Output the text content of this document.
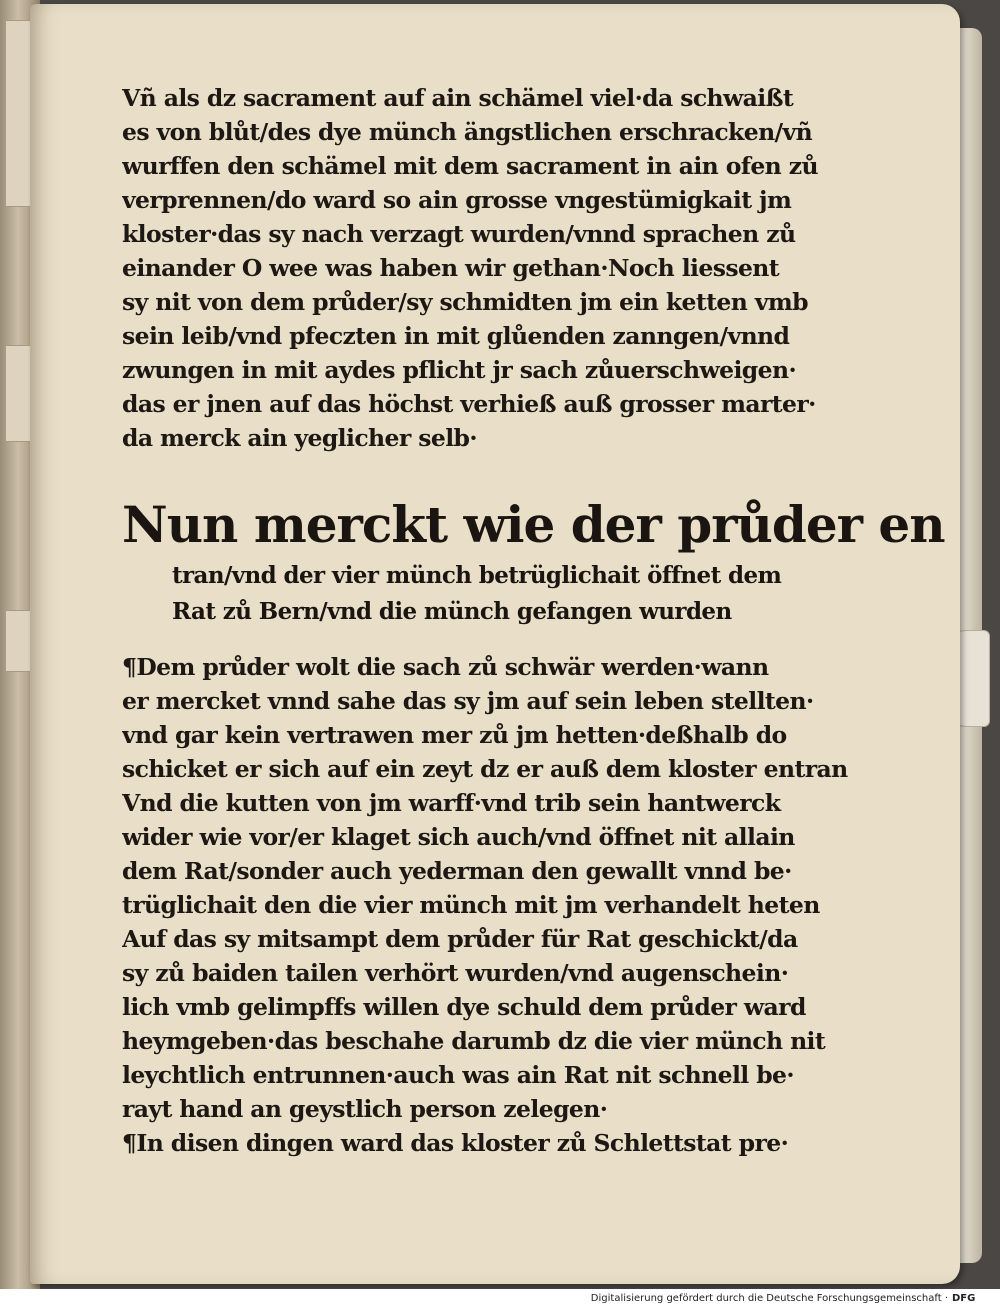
Vñ als dz sacrament auf ain schämel viel·da schwaißt
es von blůt/des dye münch ängstlichen erschracken/vñ
wurffen den schämel mit dem sacrament in ain ofen zů
verprennen/do ward so ain grosse vngestümigkait jm
kloster·das sy nach verzagt wurden/vnnd sprachen zů
einander O wee was haben wir gethan·Noch liessent
sy nit von dem průder/sy schmidten jm ein ketten vmb
sein leib/vnd pfeczten in mit glůenden zanngen/vnnd
zwungen in mit aydes pflicht jr sach zůuerschweigen·
das er jnen auf das höchst verhieß auß grosser marter·
da merck ain yeglicher selb·
Nun merckt wie der průder en
tran/vnd der vier münch betrüglichait öffnet dem
Rat zů Bern/vnd die münch gefangen wurden
¶Dem průder wolt die sach zů schwär werden·wann
er mercket vnnd sahe das sy jm auf sein leben stellten·
vnd gar kein vertrawen mer zů jm hetten·deßhalb do
schicket er sich auf ein zeyt dz er auß dem kloster entran
Vnd die kutten von jm warff·vnd trib sein hantwerck
wider wie vor/er klaget sich auch/vnd öffnet nit allain
dem Rat/sonder auch yederman den gewallt vnnd be·
trüglichait den die vier münch mit jm verhandelt heten
Auf das sy mitsampt dem průder für Rat geschickt/da
sy zů baiden tailen verhört wurden/vnd augenschein·
lich vmb gelimpffs willen dye schuld dem průder ward
heymgeben·das beschahe darumb dz die vier münch nit
leychtlich entrunnen·auch was ain Rat nit schnell be·
rayt hand an geystlich person zelegen·
¶In disen dingen ward das kloster zů Schlettstat pre·
Digitalisierung gefördert durch die Deutsche Forschungsgemeinschaft · DFG
